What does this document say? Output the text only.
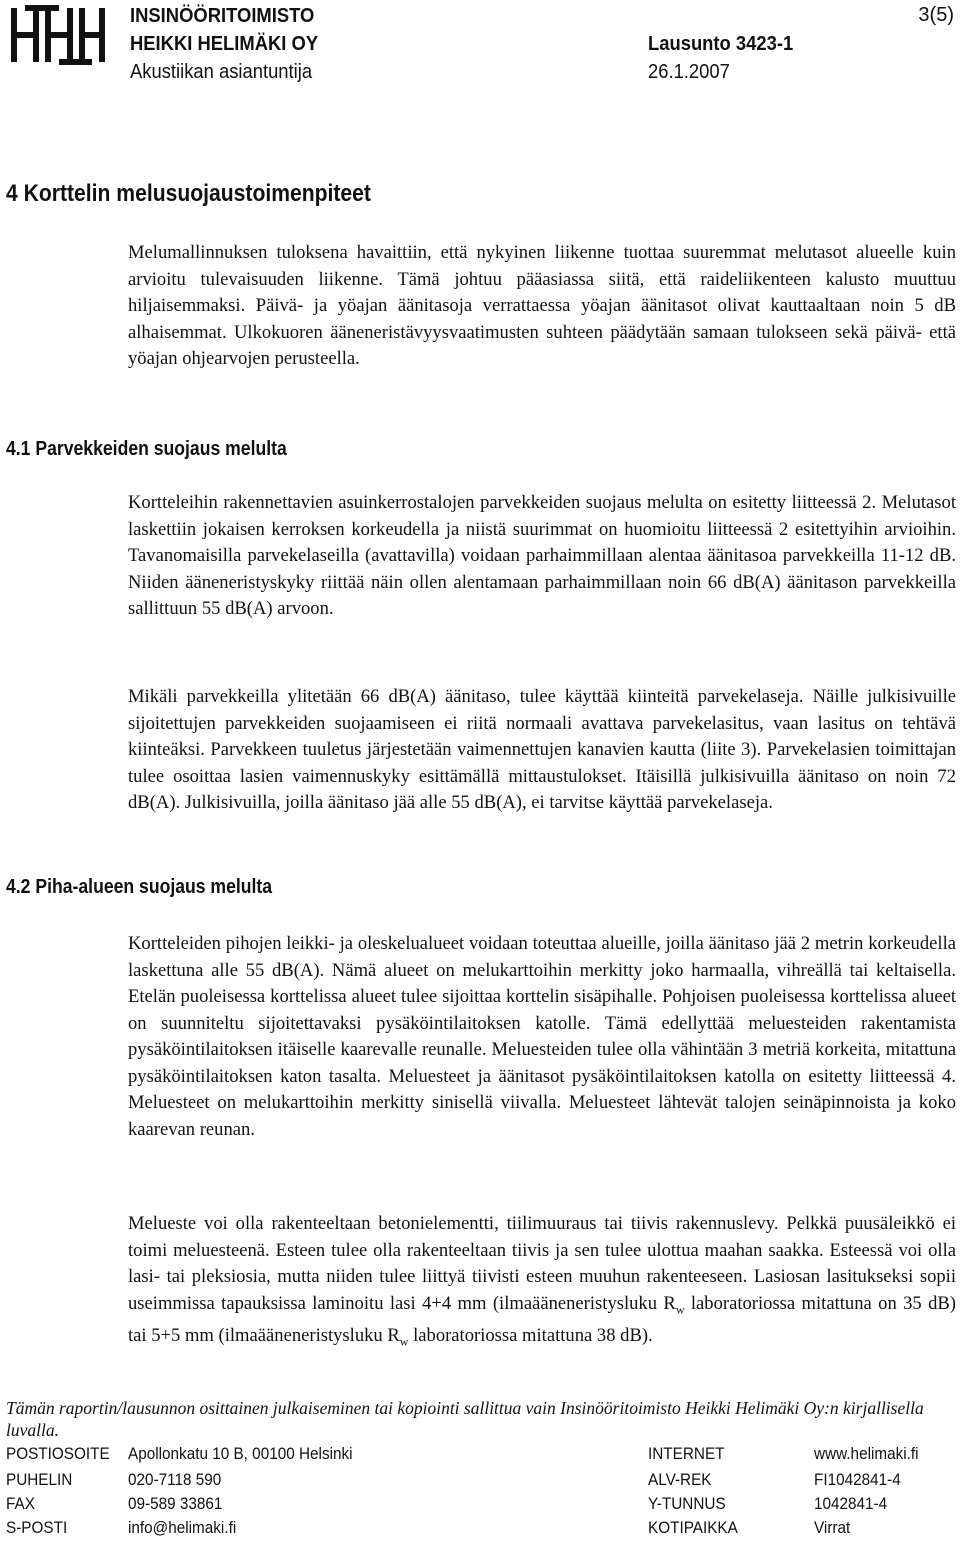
INSINÖÖRITOIMISTO
HEIKKI HELIMÄKI OY
Akustiikan asiantuntija
Lausunto 3423-1
26.1.2007
3(5)
4 Korttelin melusuojaustoimenpiteet

Melumallinnuksen tuloksena havaittiin, että nykyinen liikenne tuottaa suuremmat melutasot alueelle kuin arvioitu tulevaisuuden liikenne. Tämä johtuu pääasiassa siitä, että raideliikenteen kalusto muuttuu hiljaisemmaksi. Päivä- ja yöajan äänitasoja verrattaessa yöajan äänitasot olivat kauttaaltaan noin 5 dB alhaisemmat. Ulkokuoren ääneneristävyysvaatimusten suhteen päädytään samaan tulokseen sekä päivä- että yöajan ohjearvojen perusteella.

4.1 Parvekkeiden suojaus melulta

Kortteleihin rakennettavien asuinkerrostalojen parvekkeiden suojaus melulta on esitetty liitteessä 2. Melutasot laskettiin jokaisen kerroksen korkeudella ja niistä suurimmat on huomioitu liitteessä 2 esitettyihin arvioihin. Tavanomaisilla parvekelaseilla (avattavilla) voidaan parhaimmillaan alentaa äänitasoa parvekkeilla 11-12 dB. Niiden ääneneristyskyky riittää näin ollen alentamaan parhaimmillaan noin 66 dB(A) äänitason parvekkeilla sallittuun 55 dB(A) arvoon.

Mikäli parvekkeilla ylitetään 66 dB(A) äänitaso, tulee käyttää kiinteitä parvekelaseja. Näille julkisivuille sijoitettujen parvekkeiden suojaamiseen ei riitä normaali avattava parvekelasitus, vaan lasitus on tehtävä kiinteäksi. Parvekkeen tuuletus järjestetään vaimennettujen kanavien kautta (liite 3). Parvekelasien toimittajan tulee osoittaa lasien vaimennuskyky esittämällä mittaustulokset. Itäisillä julkisivuilla äänitaso on noin 72 dB(A). Julkisivuilla, joilla äänitaso jää alle 55 dB(A), ei tarvitse käyttää parvekelaseja.

4.2 Piha-alueen suojaus melulta

Kortteleiden pihojen leikki- ja oleskelualueet voidaan toteuttaa alueille, joilla äänitaso jää 2 metrin korkeudella laskettuna alle 55 dB(A). Nämä alueet on melukarttoihin merkitty joko harmaalla, vihreällä tai keltaisella. Etelän puoleisessa korttelissa alueet tulee sijoittaa korttelin sisäpihalle. Pohjoisen puoleisessa korttelissa alueet on suunniteltu sijoitettavaksi pysäköintilaitoksen katolle. Tämä edellyttää meluesteiden rakentamista pysäköintilaitoksen itäiselle kaarevalle reunalle. Meluesteiden tulee olla vähintään 3 metriä korkeita, mitattuna pysäköintilaitoksen katon tasalta. Meluesteet ja äänitasot pysäköintilaitoksen katolla on esitetty liitteessä 4. Meluesteet on melukarttoihin merkitty sinisellä viivalla. Meluesteet lähtevät talojen seinäpinnoista ja koko kaarevan reunan.

Melueste voi olla rakenteeltaan betonielementti, tiilimuuraus tai tiivis rakennuslevy. Pelkkä puusäleikkö ei toimi meluesteenä. Esteen tulee olla rakenteeltaan tiivis ja sen tulee ulottua maahan saakka. Esteessä voi olla lasi- tai pleksiosia, mutta niiden tulee liittyä tiivisti esteen muuhun rakenteeseen. Lasiosan lasitukseksi sopii useimmissa tapauksissa laminoitu lasi 4+4 mm (ilmaääneneristysluku $R_w$ laboratoriossa mitattuna on 35 dB) tai 5+5 mm (ilmaääneneristysluku $R_w$ laboratoriossa mitattuna 38 dB).

Tämän raportin/lausunnon osittainen julkaiseminen tai kopiointi sallittua vain Insinööritoimisto Heikki Helimäki Oy:n kirjallisella luvalla.

POSTIOSOITE Apollonkatu 10 B, 00100 Helsinki	INTERNET	www.helimaki.fi
PUHELIN	020-7118 590	ALV-REK	FI1042841-4
FAX	09-589 33861	Y-TUNNUS	1042841-4
S-POSTI	info@helimaki.fi	KOTIPAIKKA	Virrat
